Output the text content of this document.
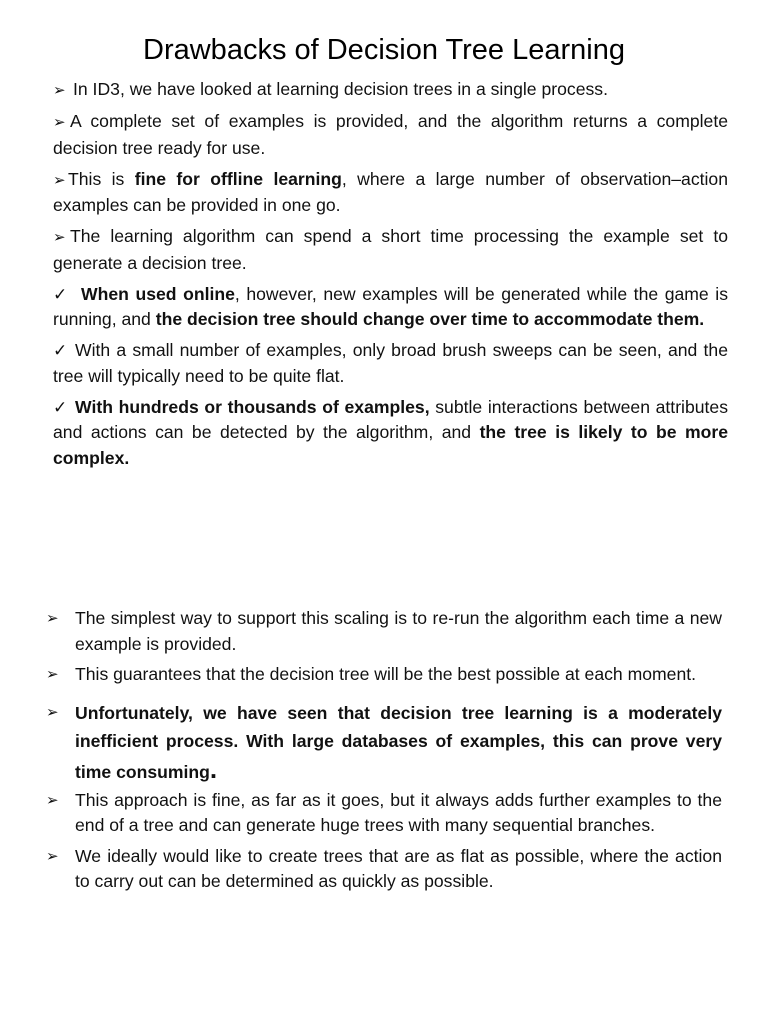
Drawbacks of Decision Tree Learning

➢ In ID3, we have looked at learning decision trees in a single process.

➢ A complete set of examples is provided, and the algorithm returns a complete decision tree ready for use.

➢ This is fine for offline learning, where a large number of observation–action examples can be provided in one go.

➢ The learning algorithm can spend a short time processing the example set to generate a decision tree.

✓ When used online, however, new examples will be generated while the game is running, and the decision tree should change over time to accommodate them.

✓ With a small number of examples, only broad brush sweeps can be seen, and the tree will typically need to be quite flat.

✓ With hundreds or thousands of examples, subtle interactions between attributes and actions can be detected by the algorithm, and the tree is likely to be more complex.

➢ The simplest way to support this scaling is to re-run the algorithm each time a new example is provided.
➢ This guarantees that the decision tree will be the best possible at each moment.
➢ Unfortunately, we have seen that decision tree learning is a moderately inefficient process. With large databases of examples, this can prove very time consuming.
➢ This approach is fine, as far as it goes, but it always adds further examples to the end of a tree and can generate huge trees with many sequential branches.
➢ We ideally would like to create trees that are as flat as possible, where the action to carry out can be determined as quickly as possible.
